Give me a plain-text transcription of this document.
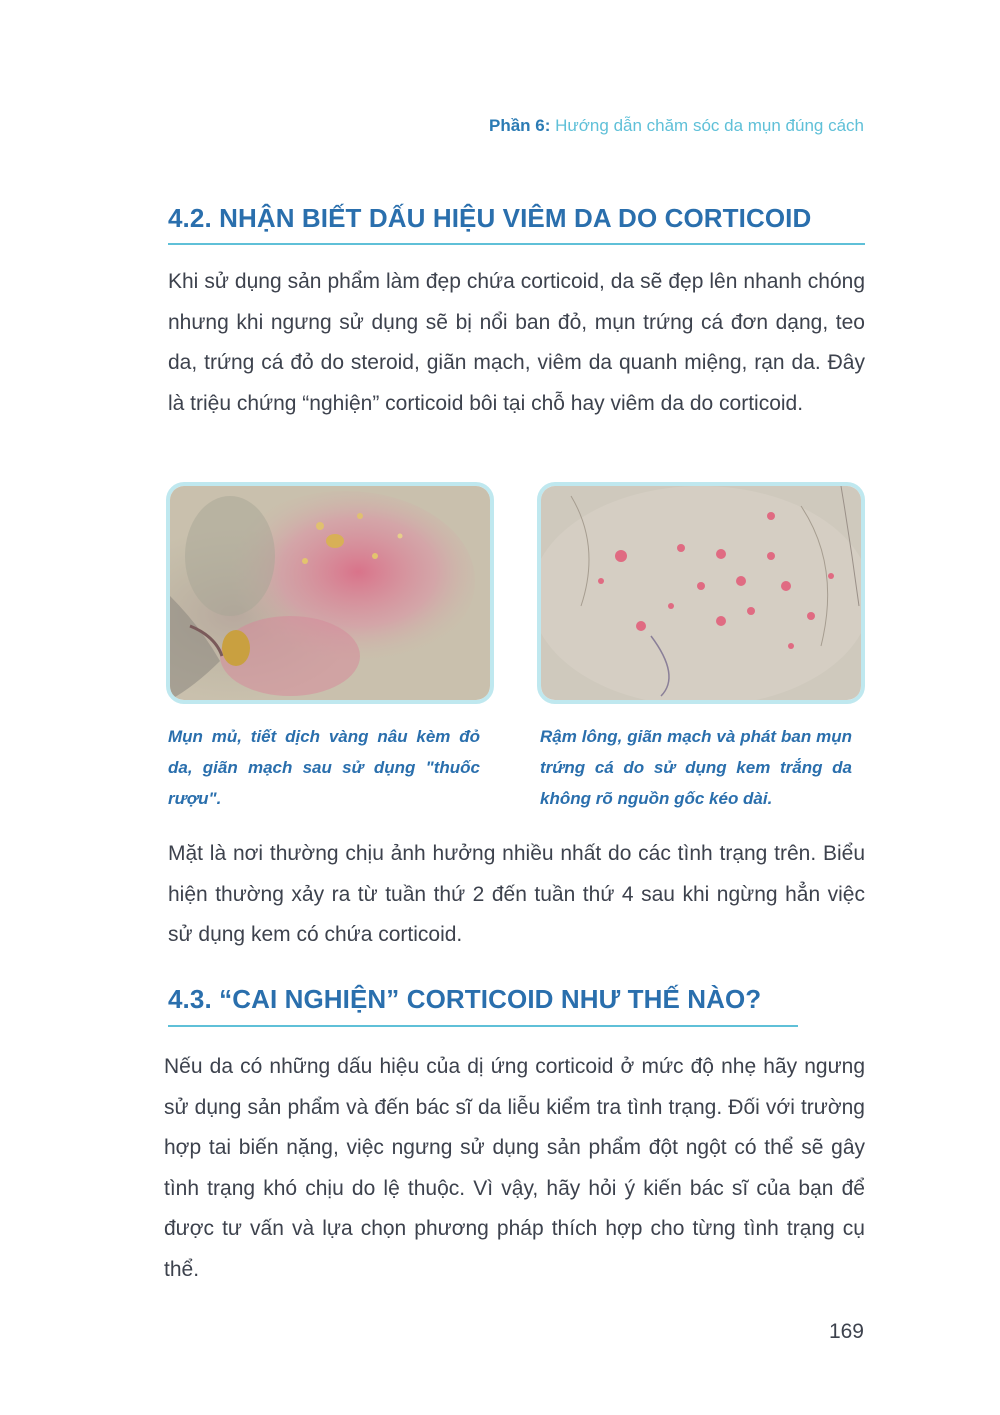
Phần 6: Hướng dẫn chăm sóc da mụn đúng cách
4.2. NHẬN BIẾT DẤU HIỆU VIÊM DA DO CORTICOID

Khi sử dụng sản phẩm làm đẹp chứa corticoid, da sẽ đẹp lên nhanh chóng nhưng khi ngưng sử dụng sẽ bị nổi ban đỏ, mụn trứng cá đơn dạng, teo da, trứng cá đỏ do steroid, giãn mạch, viêm da quanh miệng, rạn da. Đây là triệu chứng “nghiện” corticoid bôi tại chỗ hay viêm da do corticoid.

Mụn mủ, tiết dịch vàng nâu kèm đỏ da, giãn mạch sau sử dụng "thuốc rượu".

Rậm lông, giãn mạch và phát ban mụn trứng cá do sử dụng kem trắng da không rõ nguồn gốc kéo dài.

Mặt là nơi thường chịu ảnh hưởng nhiều nhất do các tình trạng trên. Biểu hiện thường xảy ra từ tuần thứ 2 đến tuần thứ 4 sau khi ngừng hẳn việc sử dụng kem có chứa corticoid.

4.3. “CAI NGHIỆN” CORTICOID NHƯ THẾ NÀO?

Nếu da có những dấu hiệu của dị ứng corticoid ở mức độ nhẹ hãy ngưng sử dụng sản phẩm và đến bác sĩ da liễu kiểm tra tình trạng. Đối với trường hợp tai biến nặng, việc ngưng sử dụng sản phẩm đột ngột có thể sẽ gây tình trạng khó chịu do lệ thuộc. Vì vậy, hãy hỏi ý kiến bác sĩ của bạn để được tư vấn và lựa chọn phương pháp thích hợp cho từng tình trạng cụ thể.

169
